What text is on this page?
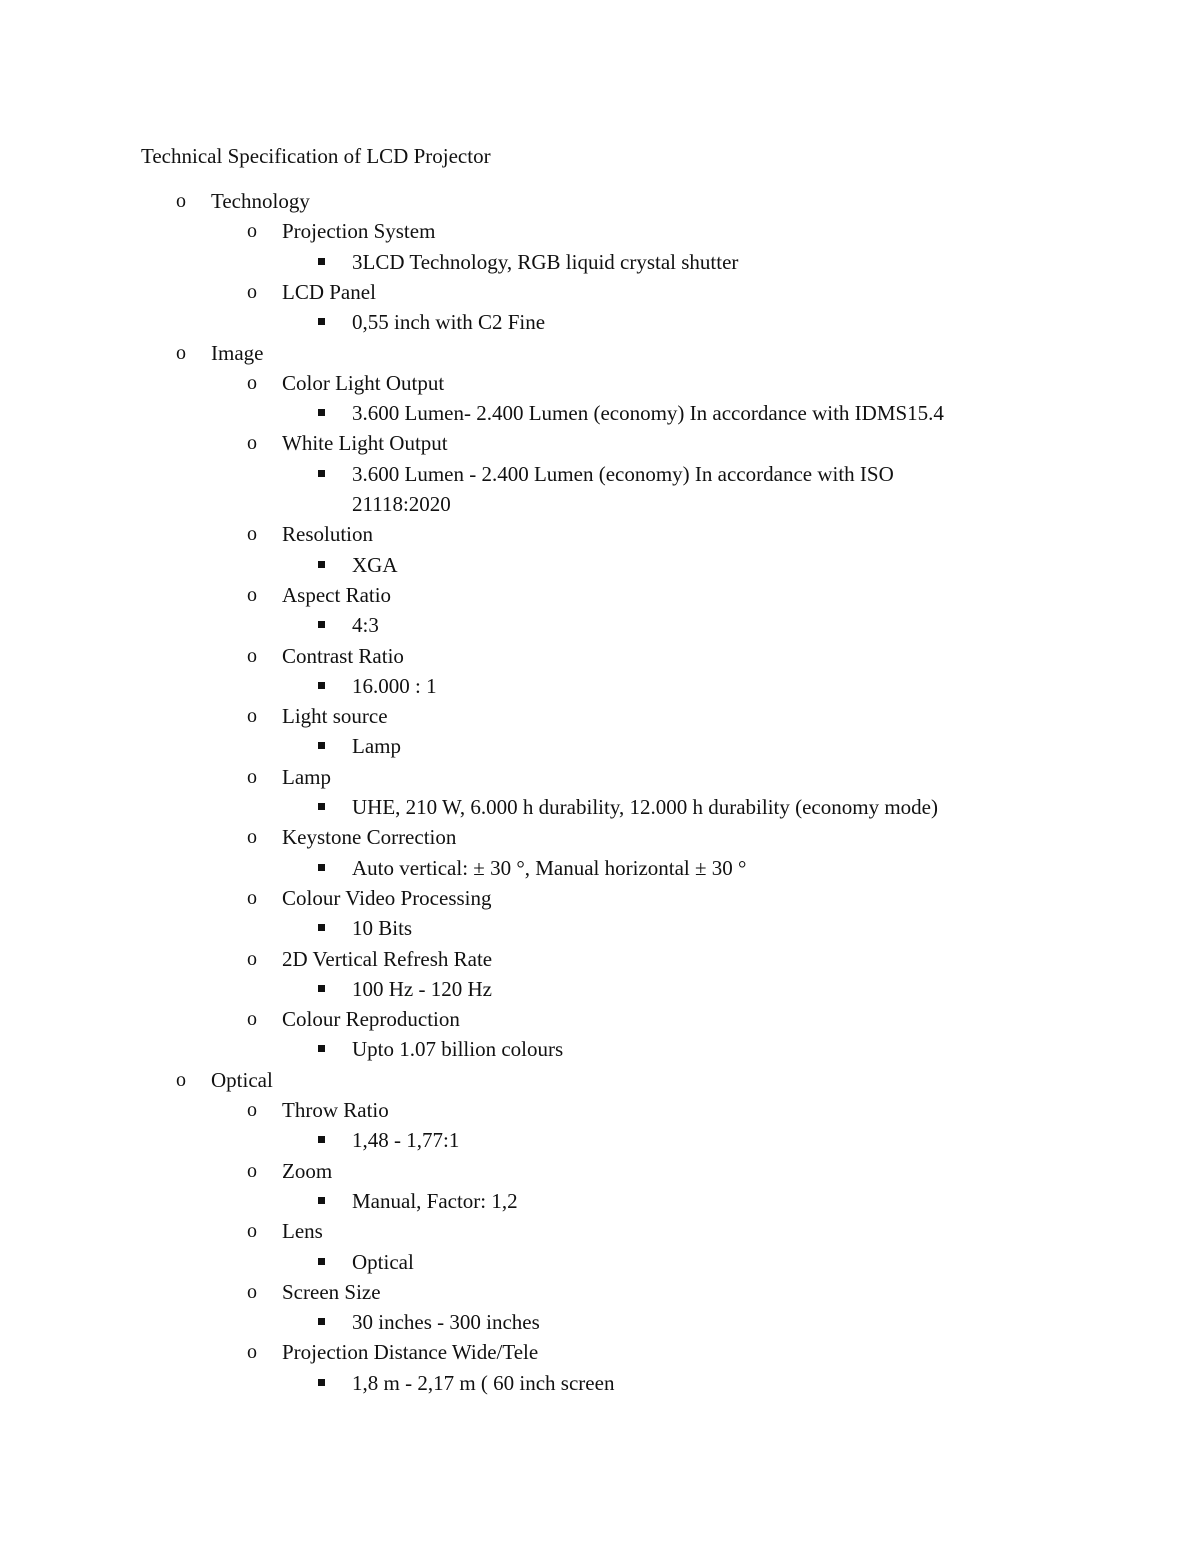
Technical Specification of LCD Projector
o Technology
o Projection System
3LCD Technology, RGB liquid crystal shutter
o LCD Panel
0,55 inch with C2 Fine
o Image
o Color Light Output
3.600 Lumen- 2.400 Lumen (economy) In accordance with IDMS15.4
o White Light Output
3.600 Lumen - 2.400 Lumen (economy) In accordance with ISO
21118:2020
o Resolution
XGA
o Aspect Ratio
4:3
o Contrast Ratio
16.000 : 1
o Light source
Lamp
o Lamp
UHE, 210 W, 6.000 h durability, 12.000 h durability (economy mode)
o Keystone Correction
Auto vertical: ± 30 °, Manual horizontal ± 30 °
o Colour Video Processing
10 Bits
o 2D Vertical Refresh Rate
100 Hz - 120 Hz
o Colour Reproduction
Upto 1.07 billion colours
o Optical
o Throw Ratio
1,48 - 1,77:1
o Zoom
Manual, Factor: 1,2
o Lens
Optical
o Screen Size
30 inches - 300 inches
o Projection Distance Wide/Tele
1,8 m - 2,17 m ( 60 inch screen
